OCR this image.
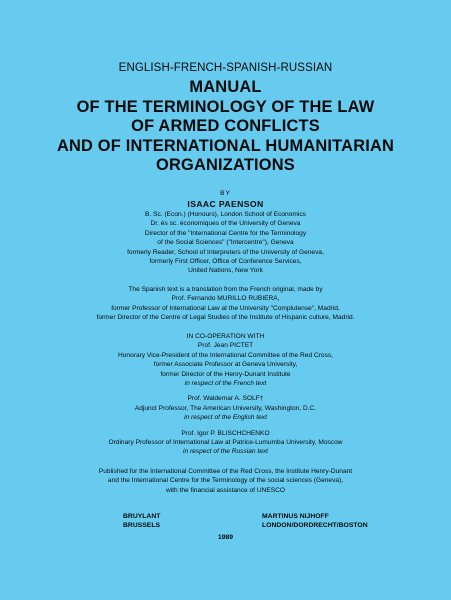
ENGLISH-FRENCH-SPANISH-RUSSIAN
MANUAL
OF THE TERMINOLOGY OF THE LAW
OF ARMED CONFLICTS
AND OF INTERNATIONAL HUMANITARIAN
ORGANIZATIONS
BY
ISAAC PAENSON
B. Sc. (Econ.) (Honours), London School of Economics
Dr. ès sc. économiques of the University of Geneva
Director of the "International Centre for the Terminology
of the Social Sciences" ("Intercentre"), Geneva
formerly Reader, School of Interpreters of the University of Geneva,
formerly First Officer, Office of Conference Services,
United Nations, New York
The Spanish text is a translation from the French original, made by
Prof. Fernando MURILLO RUBIERA,
former Professor of International Law at the University "Complutense", Madrid,
former Director of the Centre of Legal Studies of the Institute of Hispanic culture, Madrid.
IN CO-OPERATION WITH
Prof. Jean PICTET
Honorary Vice-President of the International Committee of the Red Cross,
former Associate Professor at Geneva University,
former Director of the Henry-Dunant Institute
in respect of the French text
Prof. Waldemar A. SOLF†
Adjunct Professor, The American University, Washington, D.C.
in respect of the English text
Prof. Igor P. BLISCHCHENKO
Ordinary Professor of International Law at Patrice-Lumumba University, Moscow
in respect of the Russian text
Published for the International Committee of the Red Cross, the Institute Henry-Dunant
and the International Centre for the Terminology of the social sciences (Geneva),
with the financial assistance of UNESCO
BRUYLANT
BRUSSELS
MARTINUS NIJHOFF
LONDON/DORDRECHT/BOSTON
1989
